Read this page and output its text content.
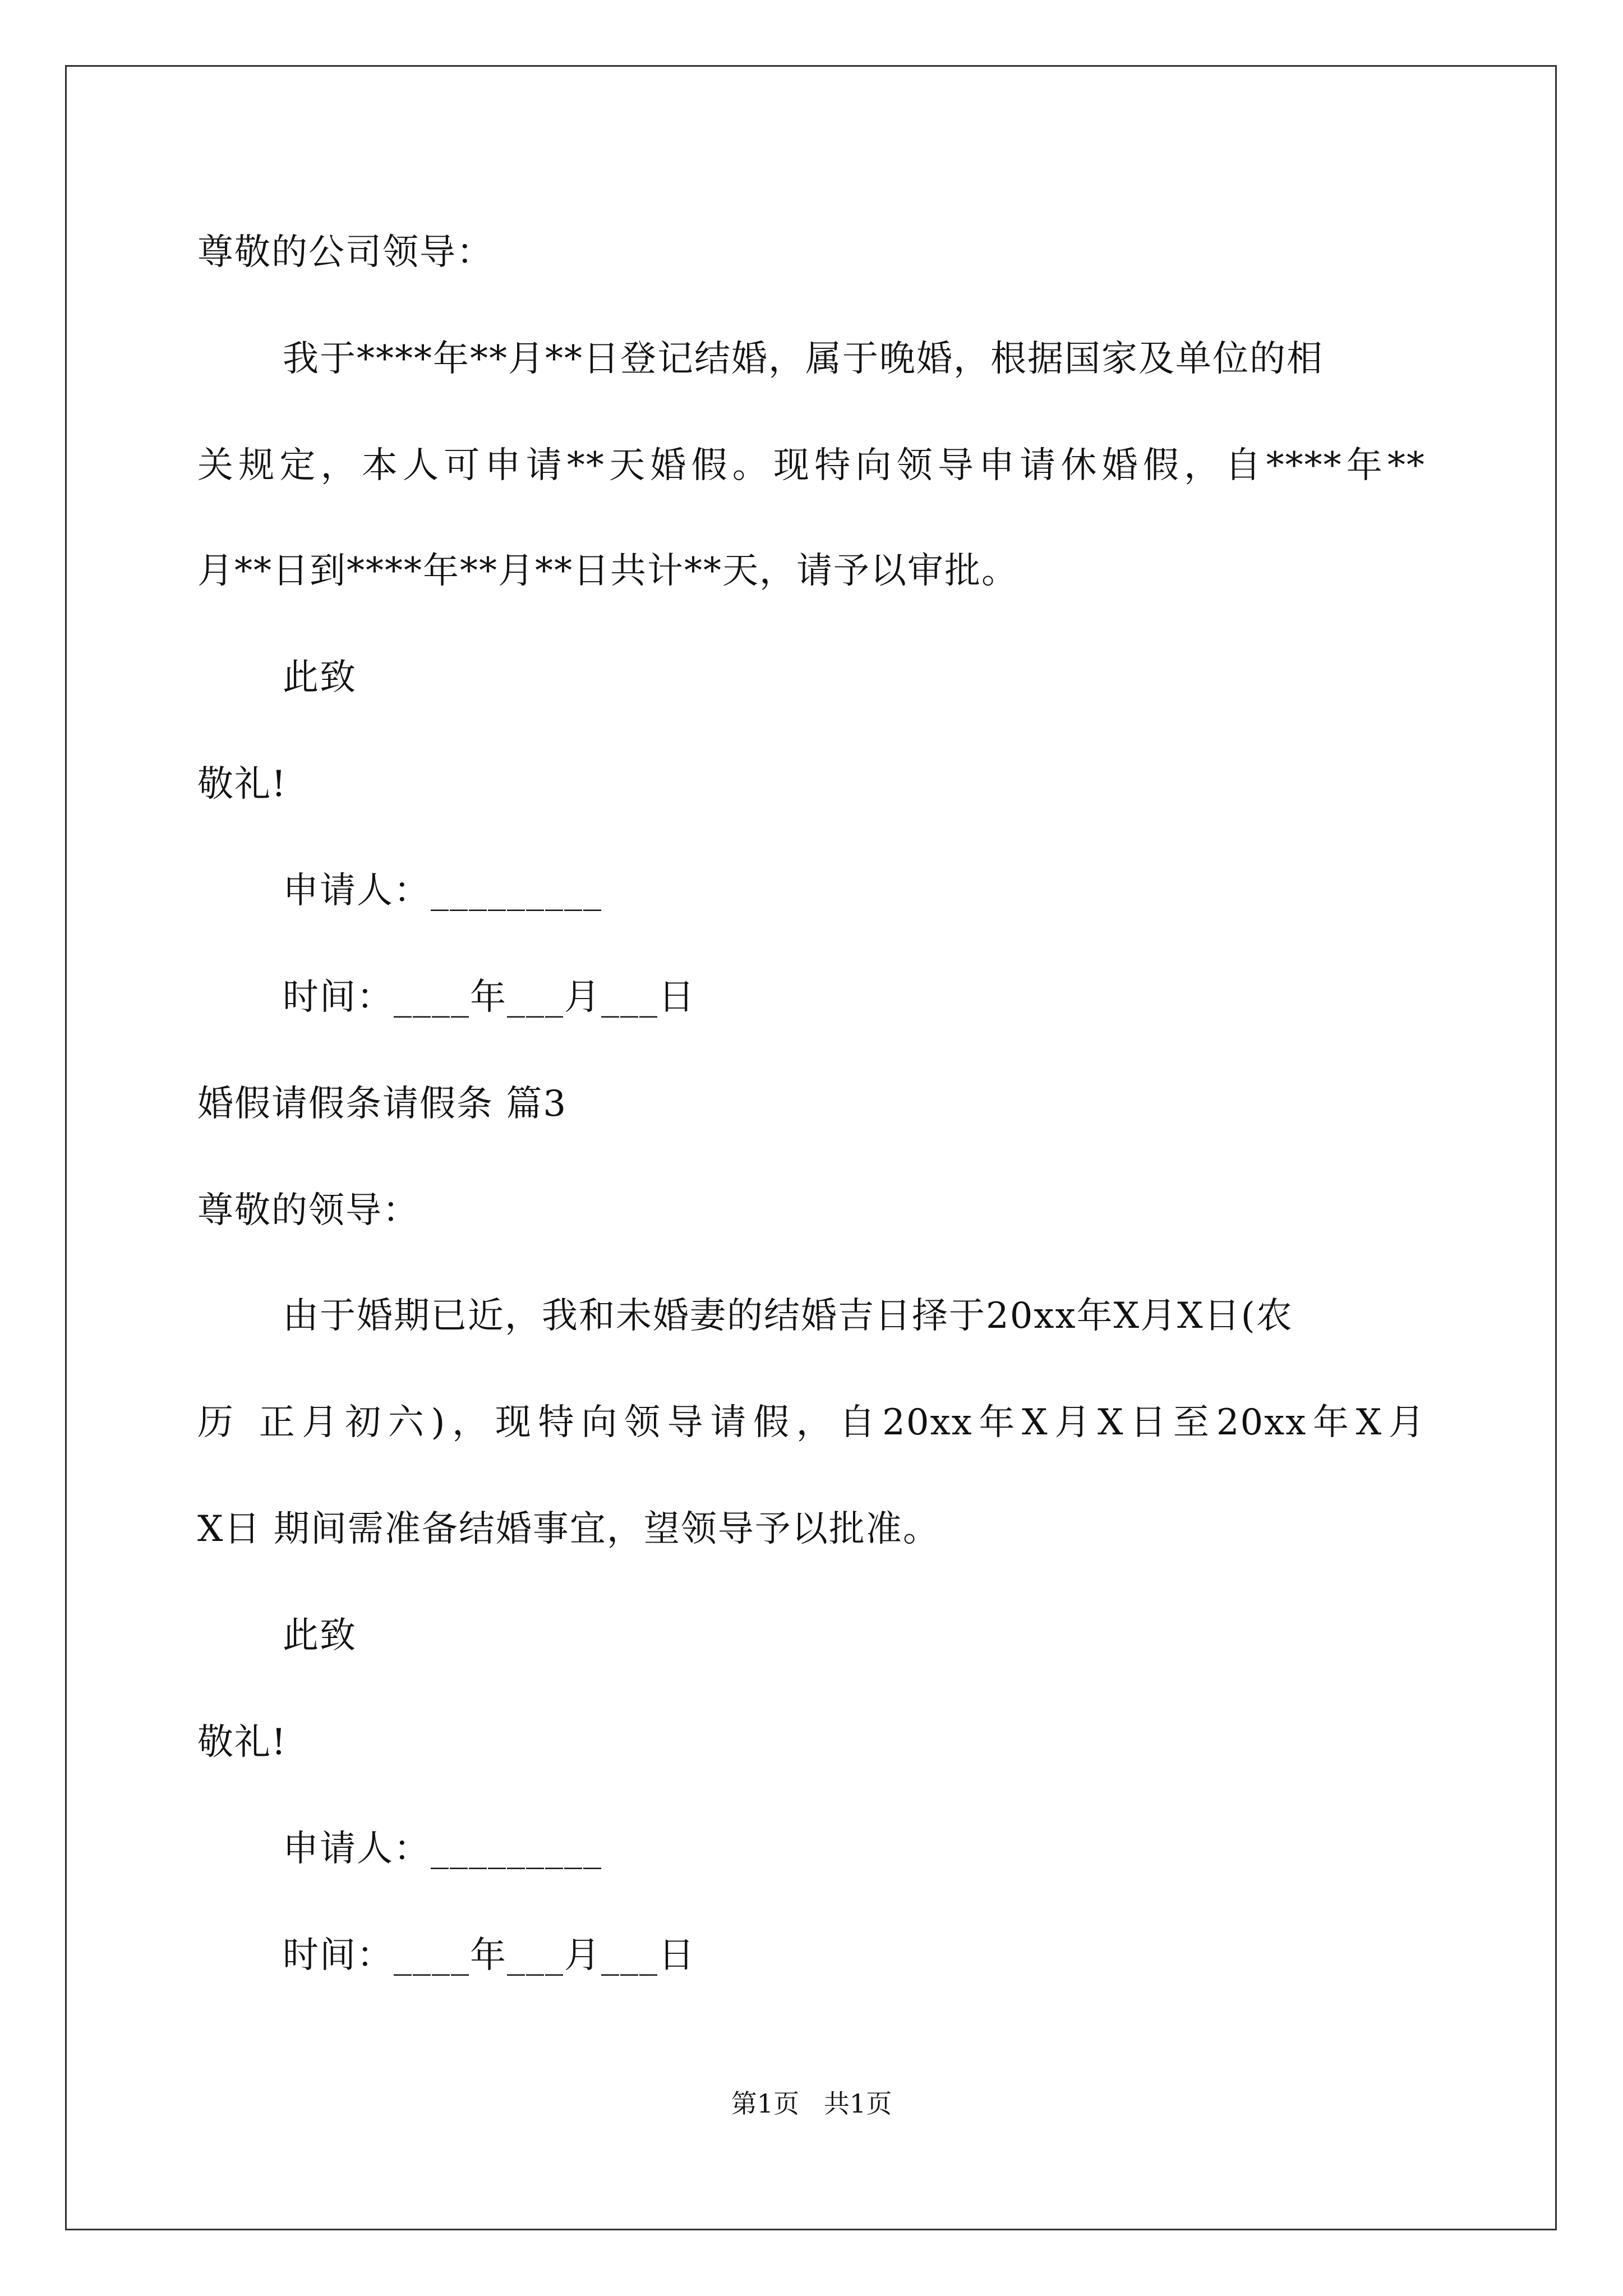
尊敬的公司领导：
我于****年**月**日登记结婚，属于晚婚，根据国家及单位的相
关规定，本人可申请**天婚假。现特向领导申请休婚假，自****年**
月**日到****年**月**日共计**天，请予以审批。
此致
敬礼!
申请人：_________
时间：____年___月___日
婚假请假条请假条 篇3
尊敬的领导：
由于婚期已近，我和未婚妻的结婚吉日择于20xx年X月X日(农
历 正月初六)，现特向领导请假，自20xx年X月X日至20xx年X月
X日 期间需准备结婚事宜，望领导予以批准。
此致
敬礼!
申请人：_________
时间：____年___月___日
第1页   共1页
